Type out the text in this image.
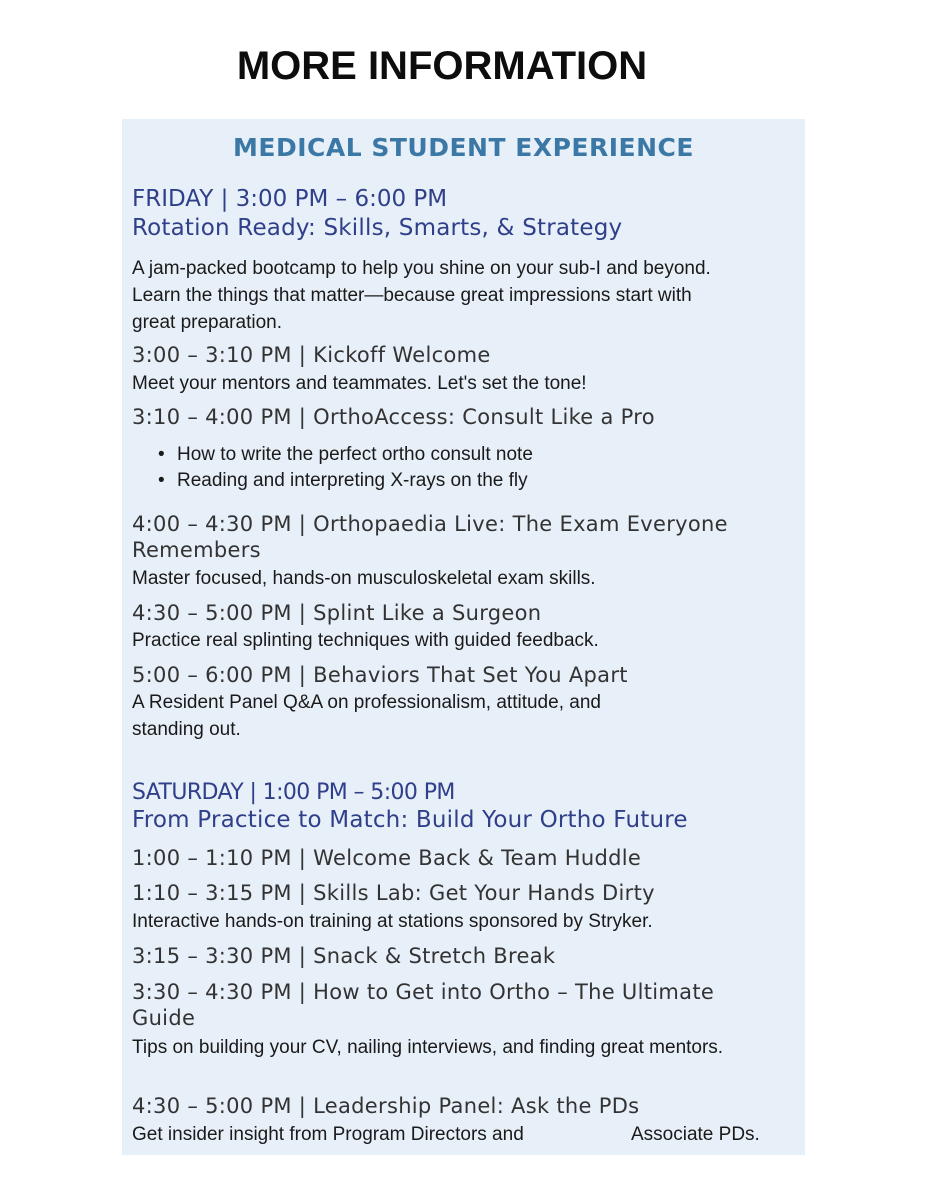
MORE INFORMATION
MEDICAL STUDENT EXPERIENCE

FRIDAY | 3:00 PM – 6:00 PM

Rotation Ready: Skills, Smarts, & Strategy

A jam-packed bootcamp to help you shine on your sub-I and beyond.

Learn the things that matter—because great impressions start with

great preparation.

3:00 – 3:10 PM | Kickoff Welcome

Meet your mentors and teammates. Let's set the tone!

3:10 – 4:00 PM | OrthoAccess: Consult Like a Pro

• How to write the perfect ortho consult note
• Reading and interpreting X-rays on the fly

4:00 – 4:30 PM | Orthopaedia Live: The Exam Everyone

Remembers

Master focused, hands-on musculoskeletal exam skills.

4:30 – 5:00 PM | Splint Like a Surgeon

Practice real splinting techniques with guided feedback.

5:00 – 6:00 PM | Behaviors That Set You Apart

A Resident Panel Q&A on professionalism, attitude, and

standing out.

SATURDAY | 1:00 PM – 5:00 PM

From Practice to Match: Build Your Ortho Future

1:00 – 1:10 PM | Welcome Back & Team Huddle

1:10 – 3:15 PM | Skills Lab: Get Your Hands Dirty

Interactive hands-on training at stations sponsored by Stryker.

3:15 – 3:30 PM | Snack & Stretch Break

3:30 – 4:30 PM | How to Get into Ortho – The Ultimate

Guide

Tips on building your CV, nailing interviews, and finding great mentors.

4:30 – 5:00 PM | Leadership Panel: Ask the PDs

Get insider insight from Program Directors and	Associate PDs.
